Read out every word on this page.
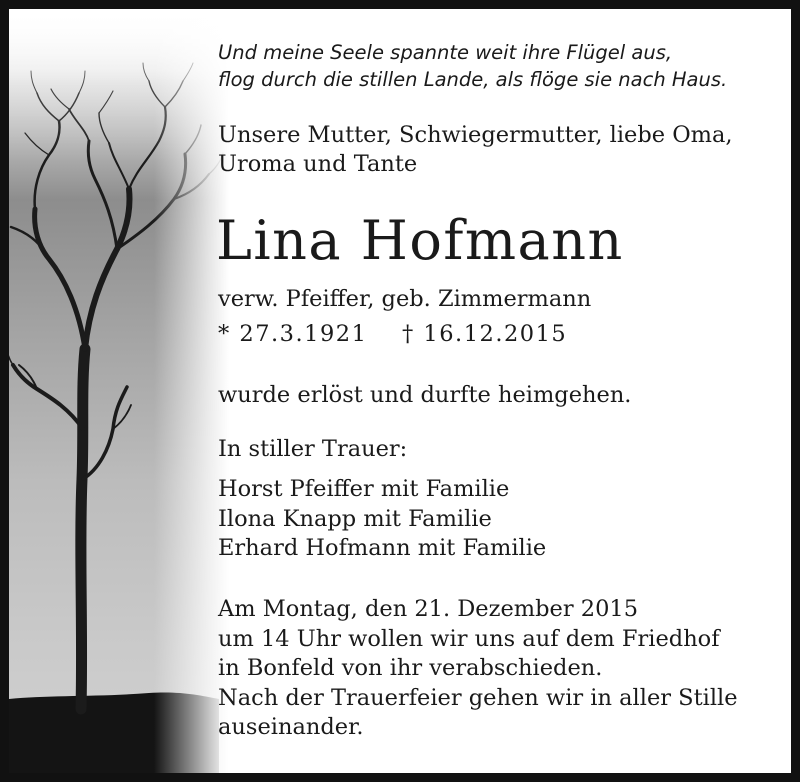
Und meine Seele spannte weit ihre Flügel aus,
flog durch die stillen Lande, als flöge sie nach Haus.
Unsere Mutter, Schwiegermutter, liebe Oma,
Uroma und Tante
Lina Hofmann
verw. Pfeiffer, geb. Zimmermann
* 27.3.1921    † 16.12.2015
wurde erlöst und durfte heimgehen.
In stiller Trauer:
Horst Pfeiffer mit Familie
Ilona Knapp mit Familie
Erhard Hofmann mit Familie
Am Montag, den 21. Dezember 2015
um 14 Uhr wollen wir uns auf dem Friedhof
in Bonfeld von ihr verabschieden.
Nach der Trauerfeier gehen wir in aller Stille
auseinander.
